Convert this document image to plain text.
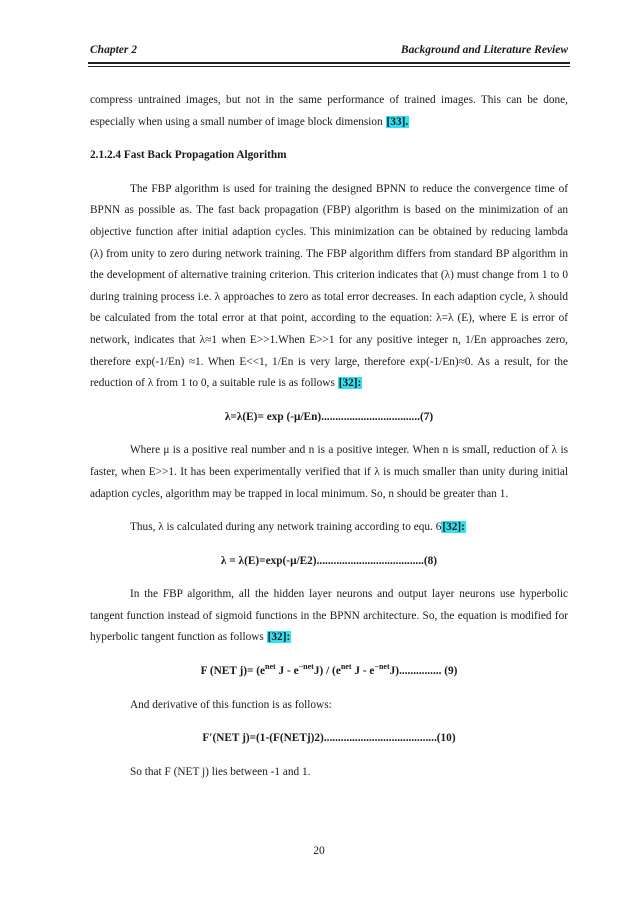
Chapter 2	Background and Literature Review

compress untrained images, but not in the same performance of trained images. This can be done, especially when using a small number of image block dimension [33].

2.1.2.4 Fast Back Propagation Algorithm

The FBP algorithm is used for training the designed BPNN to reduce the convergence time of BPNN as possible as. The fast back propagation (FBP) algorithm is based on the minimization of an objective function after initial adaption cycles. This minimization can be obtained by reducing lambda (λ) from unity to zero during network training. The FBP algorithm differs from standard BP algorithm in the development of alternative training criterion. This criterion indicates that (λ) must change from 1 to 0 during training process i.e. λ approaches to zero as total error decreases. In each adaption cycle, λ should be calculated from the total error at that point, according to the equation: λ=λ (E), where E is error of network, indicates that λ≈1 when E>>1.When E>>1 for any positive integer n, 1/En approaches zero, therefore exp(-1/En) ≈1. When E<<1, 1/En is very large, therefore exp(-1/En)≈0. As a result, for the reduction of λ from 1 to 0, a suitable rule is as follows [32]:

λ=λ(E)= exp (-μ/En)...................................(7)

Where μ is a positive real number and n is a positive integer. When n is small, reduction of λ is faster, when E>>1. It has been experimentally verified that if λ is much smaller than unity during initial adaption cycles, algorithm may be trapped in local minimum. So, n should be greater than 1.

Thus, λ is calculated during any network training according to equ. 6[32]:

λ = λ(E)=exp(-μ/E2)......................................(8)

In the FBP algorithm, all the hidden layer neurons and output layer neurons use hyperbolic tangent function instead of sigmoid functions in the BPNN architecture. So, the equation is modified for hyperbolic tangent function as follows [32]:

F (NET $j)= (e^{net}$ J - $e^{-net}J) / (e^{net}$ J - $e^{-net}J$)............... (9)

And derivative of this function is as follows:

F′(NET j)=(1-(F(NETj)2)........................................(10)

So that F (NET j) lies between -1 and 1.

20
